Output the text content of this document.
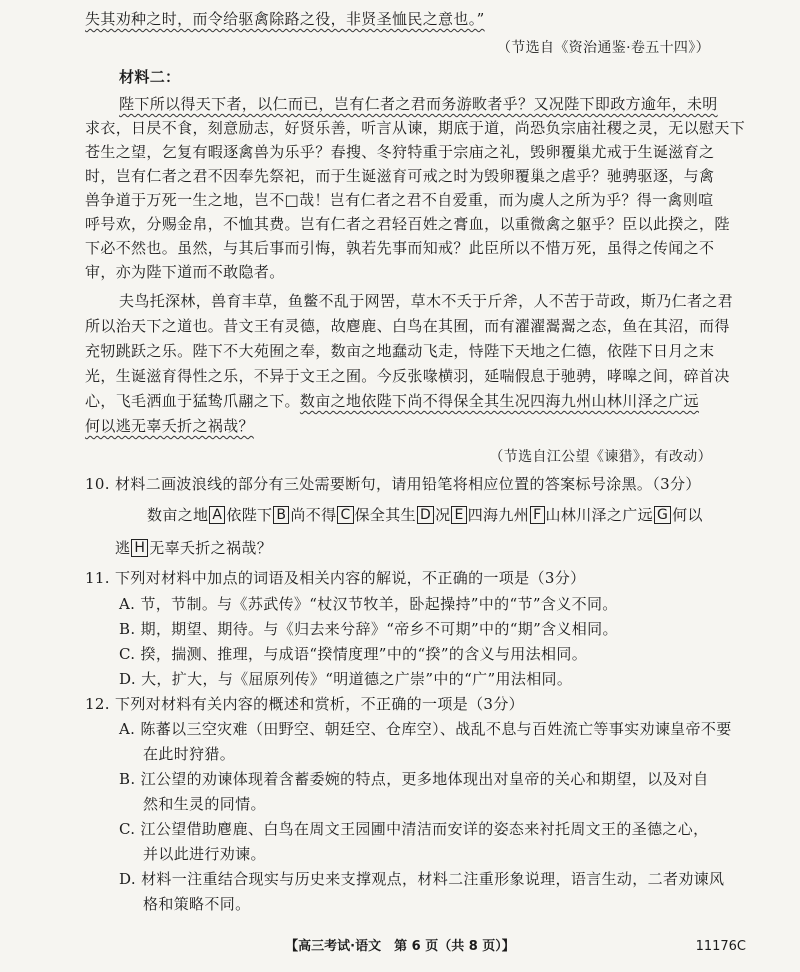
失其劝种之时，而令给驱禽除路之役，非贤圣恤民之意也。”

（节选自《资治通鉴·卷五十四》）

材料二：

陛下所以得天下者，以仁而已，岂有仁者之君而务游畋者乎？又况陛下即政方逾年，未明

求衣，日昃不食，刻意励志，好贤乐善，听言从谏，期底于道，尚恐负宗庙社稷之灵，无以慰天下

苍生之望，乞复有暇逐禽兽为乐乎？春搜、冬狩特重于宗庙之礼，毁卵覆巢尤戒于生诞滋育之

时，岂有仁者之君不因奉先祭祀，而于生诞滋育可戒之时为毁卵覆巢之虐乎？驰骋驱逐，与禽

兽争道于万死一生之地，岂不□哉！岂有仁者之君不自爱重，而为虞人之所为乎？得一禽则喧

呼号欢，分赐金帛，不恤其费。岂有仁者之君轻百姓之膏血，以重微禽之躯乎？臣以此揆之，陛

下必不然也。虽然，与其后事而引悔，孰若先事而知戒？此臣所以不惜万死，虽得之传闻之不

审，亦为陛下道而不敢隐者。

夫鸟托深林，兽育丰草，鱼鳖不乱于网罟，草木不夭于斤斧，人不苦于苛政，斯乃仁者之君

所以治天下之道也。昔文王有灵德，故麀鹿、白鸟在其囿，而有濯濯翯翯之态，鱼在其沼，而得

充牣跳跃之乐。陛下不大苑囿之奉，数亩之地蠢动飞走，恃陛下天地之仁德，依陛下日月之末

光，生诞滋育得性之乐，不异于文王之囿。今反张喙横羽，延喘假息于驰骋，哮嗥之间，碎首决

心，飞毛洒血于猛鸷爪翮之下。数亩之地依陛下尚不得保全其生况四海九州山林川泽之广远

何以逃无辜夭折之祸哉？

（节选自江公望《谏猎》，有改动）

10. 材料二画波浪线的部分有三处需要断句，请用铅笔将相应位置的答案标号涂黑。（3分）

数亩之地 A 依陛下 B 尚不得 C 保全其生 D 况 E 四海九州 F 山林川泽之广远 G 何以

逃 H 无辜夭折之祸哉？

11. 下列对材料中加点的词语及相关内容的解说，不正确的一项是（3分）

A. 节，节制。与《苏武传》“杖汉节牧羊，卧起操持”中的“节”含义不同。

B. 期，期望、期待。与《归去来兮辞》“帝乡不可期”中的“期”含义相同。

C. 揆，揣测、推理，与成语“揆情度理”中的“揆”的含义与用法相同。

D. 大，扩大，与《屈原列传》“明道德之广崇”中的“广”用法相同。

12. 下列对材料有关内容的概述和赏析，不正确的一项是（3分）

A. 陈蕃以三空灾难（田野空、朝廷空、仓库空）、战乱不息与百姓流亡等事实劝谏皇帝不要

在此时狩猎。

B. 江公望的劝谏体现着含蓄委婉的特点，更多地体现出对皇帝的关心和期望，以及对自

然和生灵的同情。

C. 江公望借助麀鹿、白鸟在周文王园圃中清洁而安详的姿态来衬托周文王的圣德之心，

并以此进行劝谏。

D. 材料一注重结合现实与历史来支撑观点，材料二注重形象说理，语言生动，二者劝谏风

格和策略不同。

【高三考试·语文　第 6 页（共 8 页）】	11176C
